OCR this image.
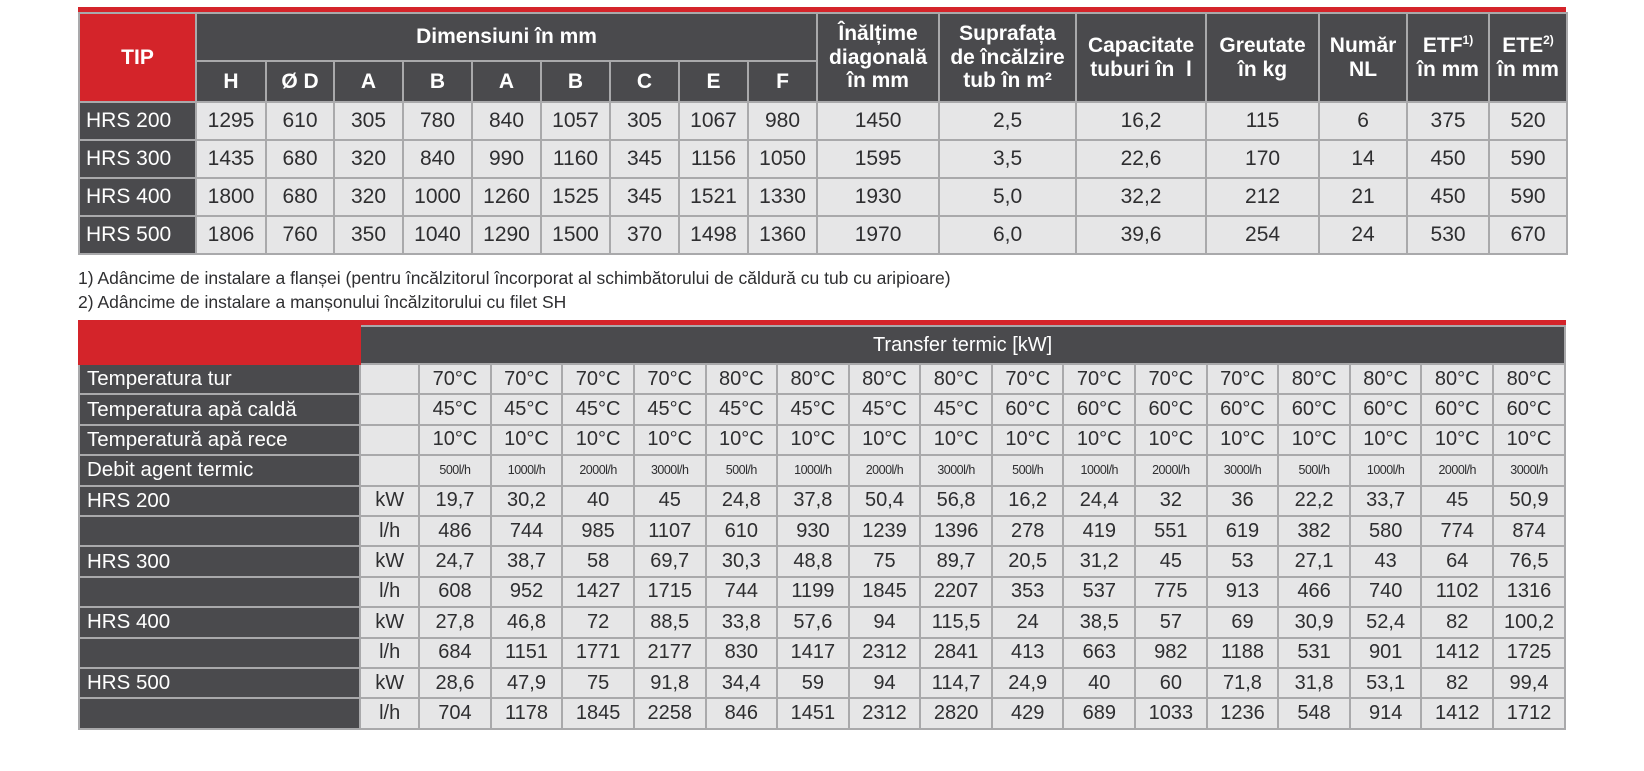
TIP	Dimensiuni în mm									Înălțime
diagonală
în mm	Suprafața
de încălzire
tub în m²	Capacitate
tuburi în  l	Greutate
în kg	Număr
NL	ETF$^{1)}$
în mm	ETE$^{2)}$
în mm
	H	Ø D	A	B	A	B	C	E	F							
HRS 200	1295	610	305	780	840	1057	305	1067	980	1450	2,5	16,2	115	6	375	520
HRS 300	1435	680	320	840	990	1160	345	1156	1050	1595	3,5	22,6	170	14	450	590
HRS 400	1800	680	320	1000	1260	1525	345	1521	1330	1930	5,0	32,2	212	21	450	590
HRS 500	1806	760	350	1040	1290	1500	370	1498	1360	1970	6,0	39,6	254	24	530	670
1) Adâncime de instalare a flanșei (pentru încălzitorul încorporat al schimbătorului de căldură cu tub cu aripioare)
2) Adâncime de instalare a manșonului încălzitorului cu filet SH
	Transfer termic [kW]																
Temperatura tur		70°C	70°C	70°C	70°C	80°C	80°C	80°C	80°C	70°C	70°C	70°C	70°C	80°C	80°C	80°C	80°C
Temperatura apă caldă		45°C	45°C	45°C	45°C	45°C	45°C	45°C	45°C	60°C	60°C	60°C	60°C	60°C	60°C	60°C	60°C
Temperatură apă rece		10°C	10°C	10°C	10°C	10°C	10°C	10°C	10°C	10°C	10°C	10°C	10°C	10°C	10°C	10°C	10°C
Debit agent termic		500l/h	1000l/h	2000l/h	3000l/h	500l/h	1000l/h	2000l/h	3000l/h	500l/h	1000l/h	2000l/h	3000l/h	500l/h	1000l/h	2000l/h	3000l/h
HRS 200	kW	19,7	30,2	40	45	24,8	37,8	50,4	56,8	16,2	24,4	32	36	22,2	33,7	45	50,9
	l/h	486	744	985	1107	610	930	1239	1396	278	419	551	619	382	580	774	874
HRS 300	kW	24,7	38,7	58	69,7	30,3	48,8	75	89,7	20,5	31,2	45	53	27,1	43	64	76,5
	l/h	608	952	1427	1715	744	1199	1845	2207	353	537	775	913	466	740	1102	1316
HRS 400	kW	27,8	46,8	72	88,5	33,8	57,6	94	115,5	24	38,5	57	69	30,9	52,4	82	100,2
	l/h	684	1151	1771	2177	830	1417	2312	2841	413	663	982	1188	531	901	1412	1725
HRS 500	kW	28,6	47,9	75	91,8	34,4	59	94	114,7	24,9	40	60	71,8	31,8	53,1	82	99,4
	l/h	704	1178	1845	2258	846	1451	2312	2820	429	689	1033	1236	548	914	1412	1712
